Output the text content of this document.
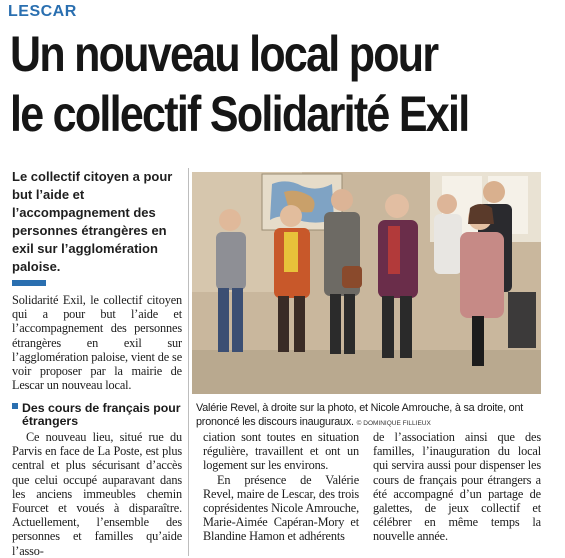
LESCAR
Un nouveau local pour
le collectif Solidarité Exil
Le collectif citoyen a pour but l’aide et l’accompagnement des personnes étrangères en exil sur l’agglomération paloise.

Solidarité Exil, le collectif citoyen qui a pour but l’aide et l’accompagnement des personnes étrangères en exil sur l’agglomération paloise, vient de se voir proposer par la mairie de Lescar un nouveau local.

Des cours de français pour étrangers

Ce nouveau lieu, situé rue du Parvis en face de La Poste, est plus central et plus sécurisant d’accès que celui occupé auparavant dans les anciens immeubles chemin Fourcet et voués à disparaître. Actuellement, l’ensemble des personnes et familles qu’aide l’asso-

ciation sont toutes en situation régulière, travaillent et ont un logement sur les environs.

En présence de Valérie Revel, maire de Lescar, des trois coprésidentes Nicole Amrouche, Marie-Aimée Capéran-Mory et Blandine Hamon et adhérents

de l’association ainsi que des familles, l’inauguration du local qui servira aussi pour dispenser les cours de français pour étrangers a été accompagné d’un partage de galettes, de jeux collectif et célébrer en même temps la nouvelle année.

Valérie Revel, à droite sur la photo, et Nicole Amrouche, à sa droite, ont prononcé les discours inauguraux. © DOMINIQUE FILLIEUX
